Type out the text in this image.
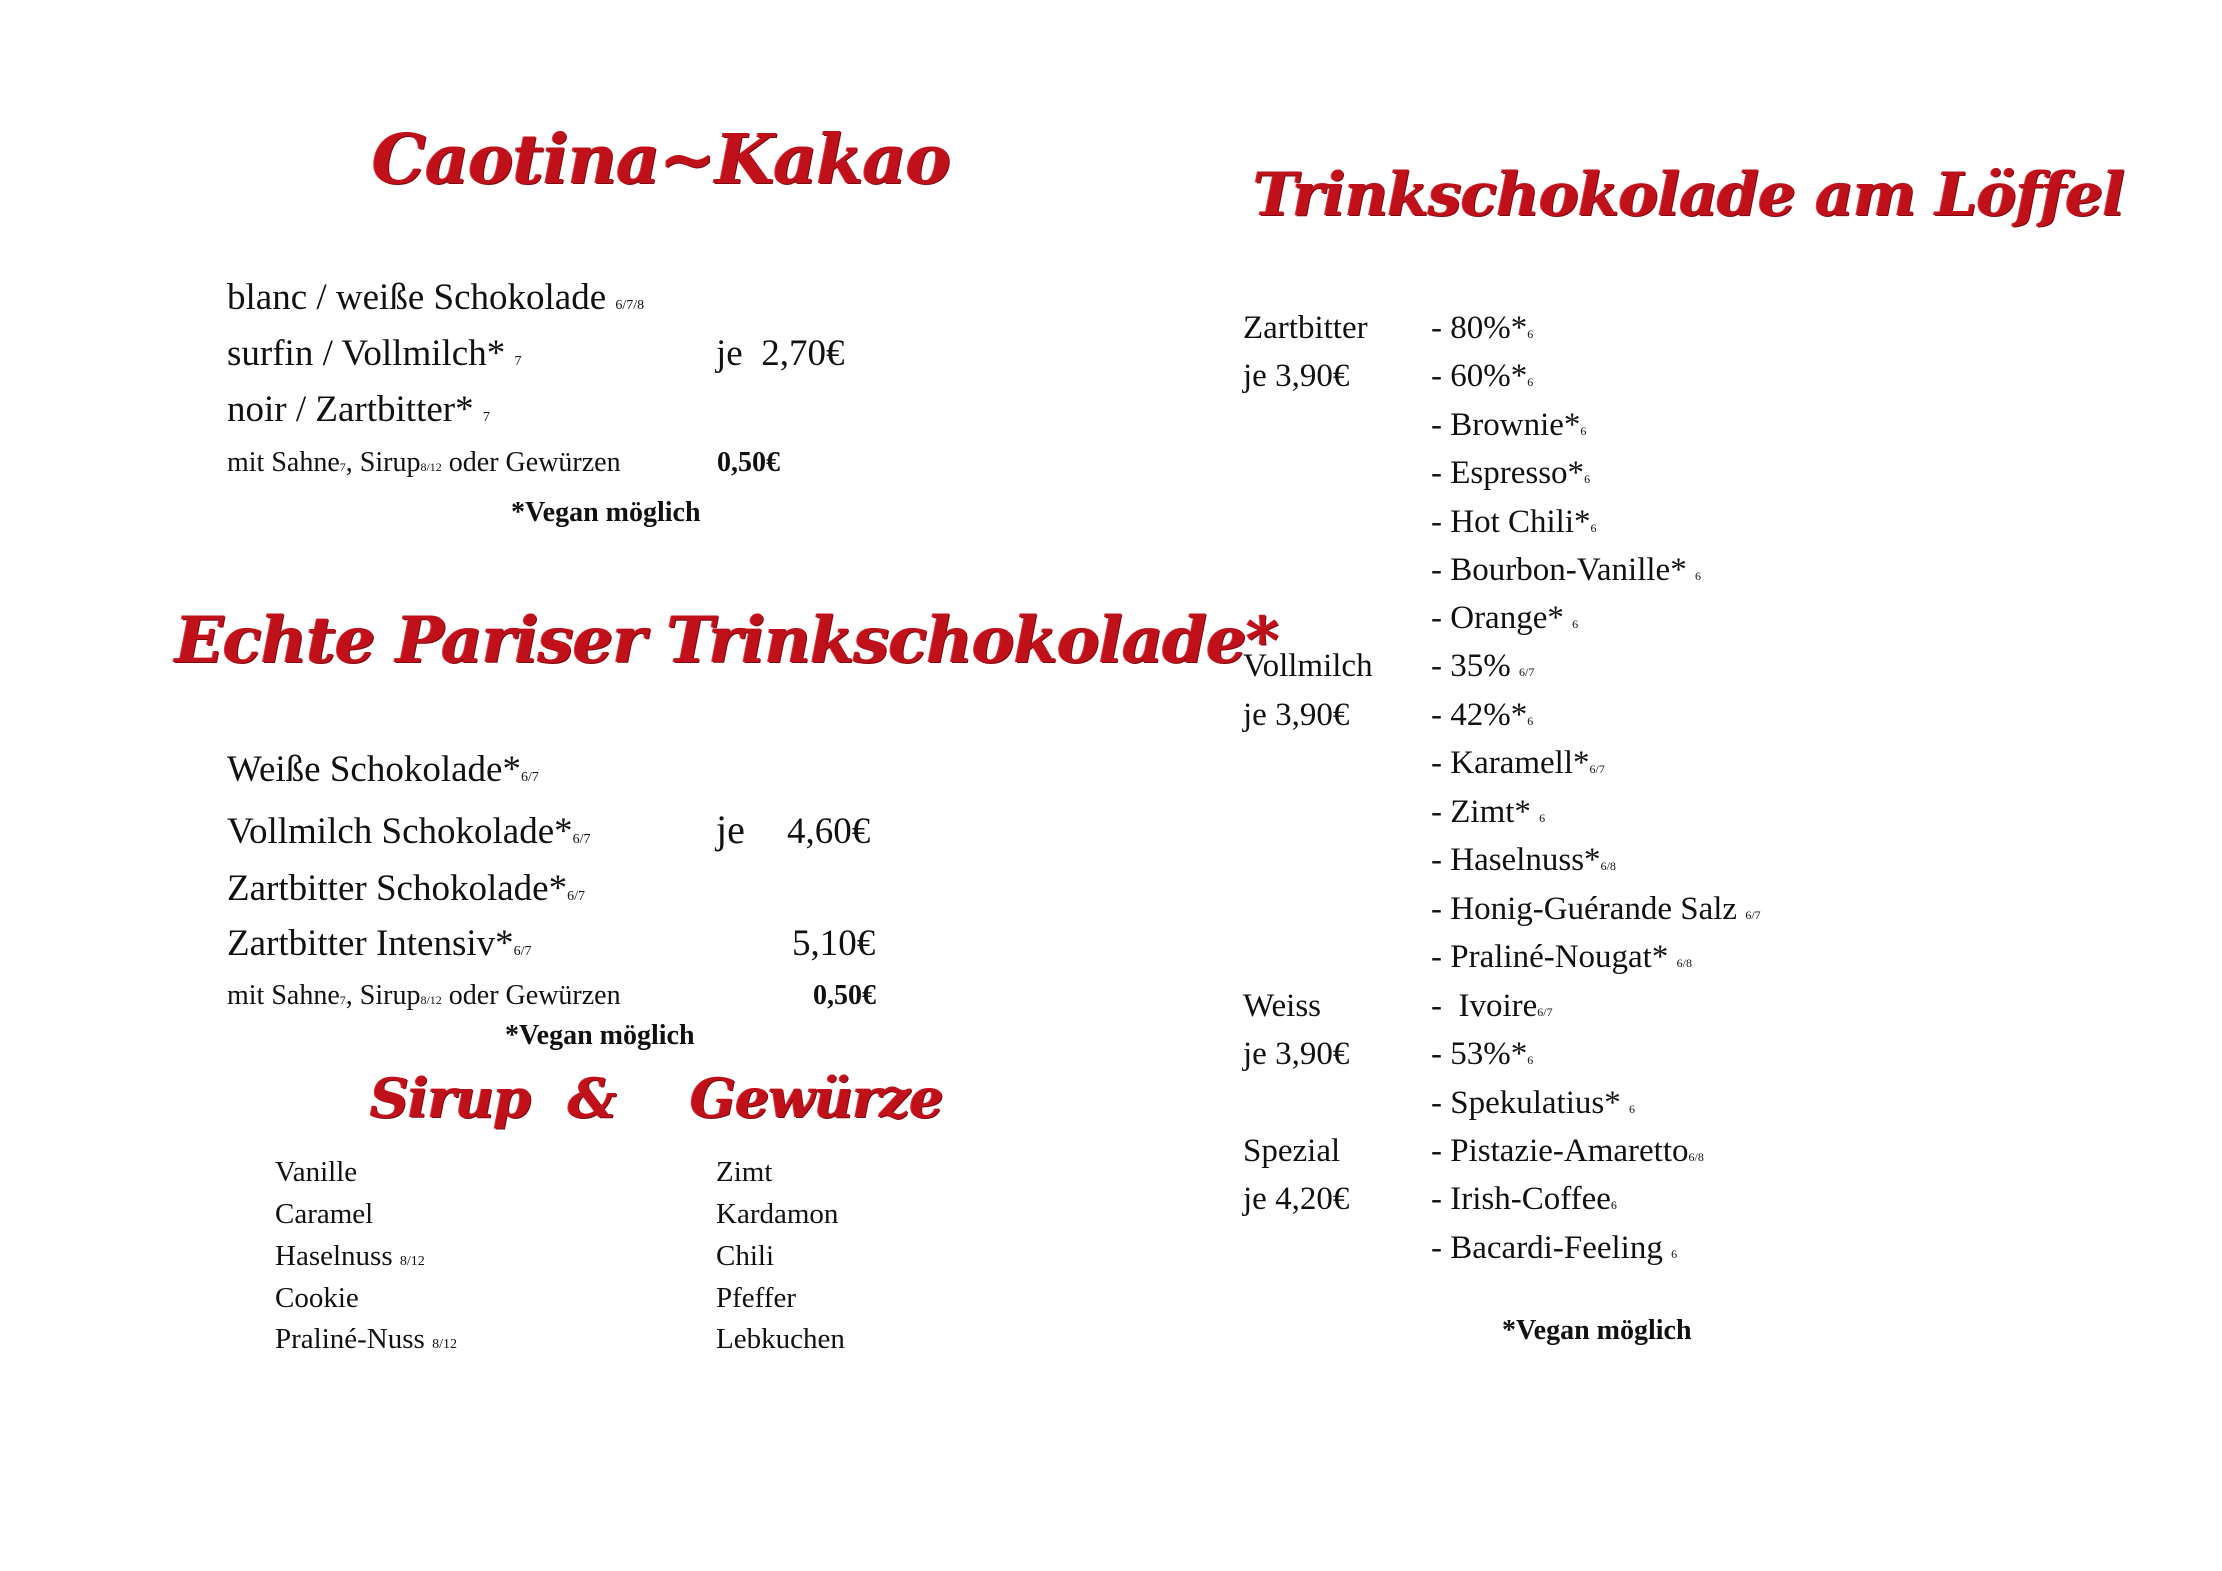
Caotina~Kakao
blanc / weiße Schokolade 6/7/8
surfin / Vollmilch* 7
noir / Zartbitter* 7
je  2,70€
mit Sahne7, Sirup8/12 oder Gewürzen	0,50€
*Vegan möglich
Echte Pariser Trinkschokolade*
Weiße Schokolade*6/7
Vollmilch Schokolade*6/7
Zartbitter Schokolade*6/7
Zartbitter Intensiv*6/7
je 4,60€
5,10€
mit Sahne7, Sirup8/12 oder Gewürzen	0,50€
*Vegan möglich
Sirup & Gewürze
Vanille
Caramel
Haselnuss 8/12
Cookie
Praliné-Nuss 8/12
Zimt
Kardamon
Chili
Pfeffer
Lebkuchen
Trinkschokolade am Löffel
Zartbitter
je 3,90€
Vollmilch
je 3,90€
Weiss
je 3,90€
Spezial
je 4,20€
- 80%*6
- 60%*6
- Brownie*6
- Espresso*6
- Hot Chili*6
- Bourbon-Vanille* 6
- Orange* 6
- 35% 6/7
- 42%*6
- Karamell*6/7
- Zimt* 6
- Haselnuss*6/8
- Honig-Guérande Salz 6/7
- Praliné-Nougat* 6/8
-  Ivoire6/7
- 53%*6
- Spekulatius* 6
- Pistazie-Amaretto6/8
- Irish-Coffee6
- Bacardi-Feeling 6
*Vegan möglich
